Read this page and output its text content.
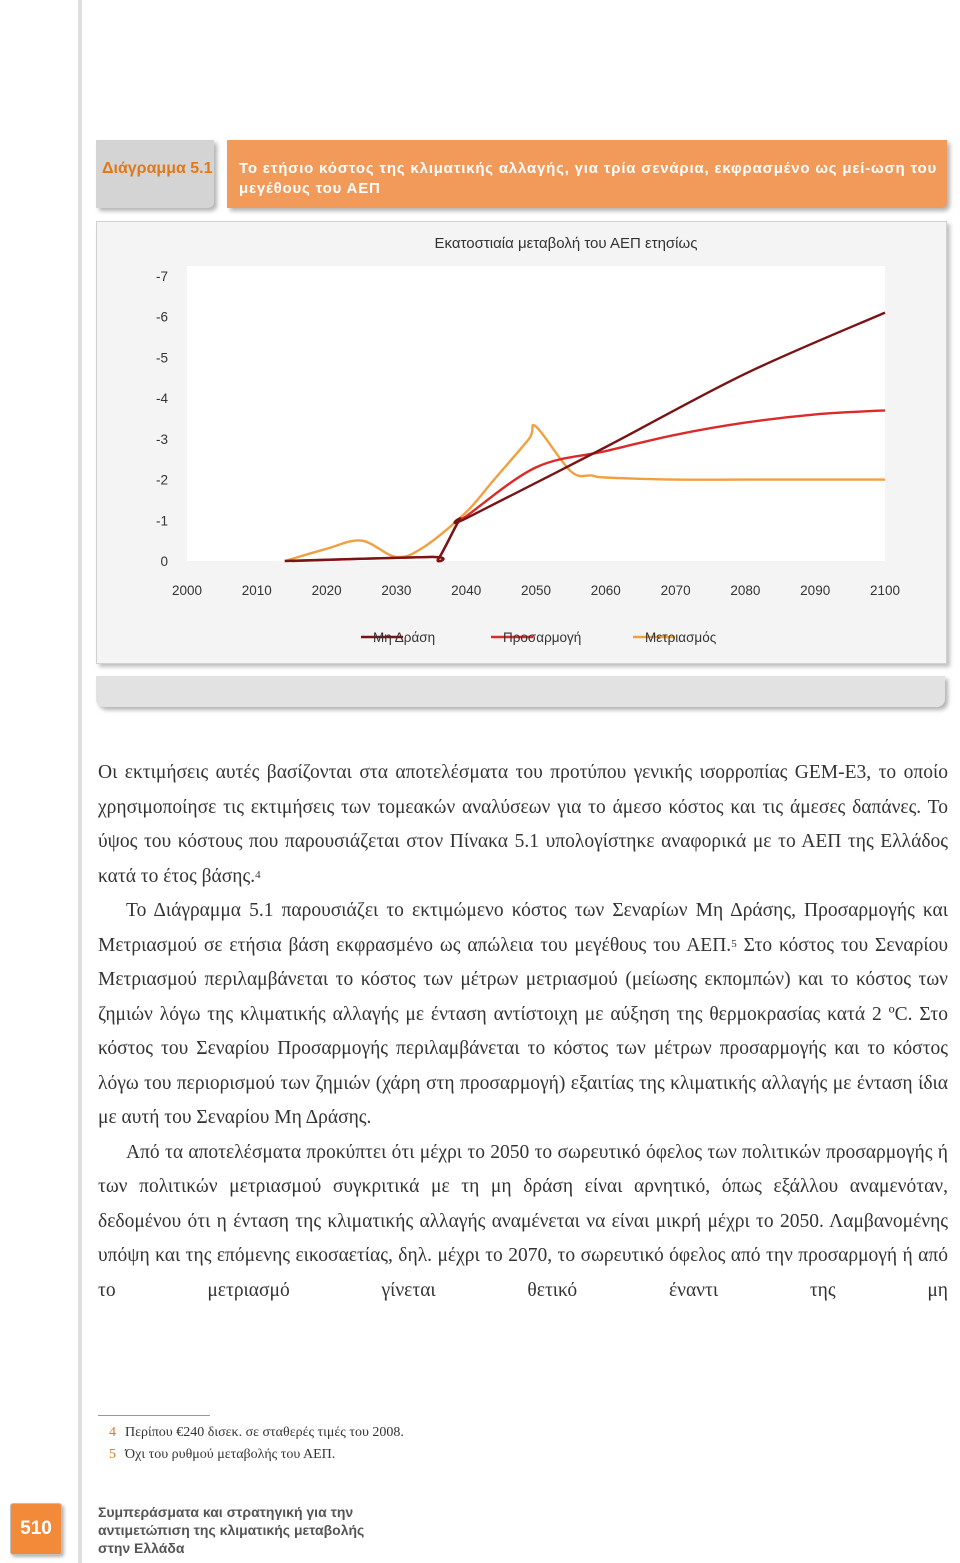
Διάγραμμα 5.1 Το ετήσιο κόστος της κλιματικής αλλαγής, για τρία σενάρια, εκφρασμένο ως μεί-ωση του μεγέθους του ΑΕΠ
Εκατοστιαία μεταβολή του ΑΕΠ ετησίως
-7
-6
-5
-4
-3
-2
-1
0
2000	2010	2020	2030	2040	2050	2060	2070	2080	2090	2100
Μη Δράση	Προσαρμογή	Μετριασμός

Οι εκτιμήσεις αυτές βασίζονται στα αποτελέσματα του προτύπου γενικής ισορροπίας GEM-E3, το οποίο χρησιμοποίησε τις εκτιμήσεις των τομεακών αναλύσεων για το άμεσο κόστος και τις άμεσες δαπάνες. Το ύψος του κόστους που παρουσιάζεται στον Πίνακα 5.1 υπολογίστηκε αναφορικά με το ΑΕΠ της Ελλάδος κατά το έτος βάσης.$^4$

Το Διάγραμμα 5.1 παρουσιάζει το εκτιμώμενο κόστος των Σεναρίων Μη Δράσης, Προσαρμογής και Μετριασμού σε ετήσια βάση εκφρασμένο ως απώλεια του μεγέθους του ΑΕΠ.$^5$ Στο κόστος του Σεναρίου Μετριασμού περιλαμβάνεται το κόστος των μέτρων μετριασμού (μείωσης εκπομπών) και το κόστος των ζημιών λόγω της κλιματικής αλλαγής με ένταση αντίστοιχη με αύξηση της θερμοκρασίας κατά 2 ºC. Στο κόστος του Σεναρίου Προσαρμογής περιλαμβάνεται το κόστος των μέτρων προσαρμογής και το κόστος λόγω του περιορισμού των ζημιών (χάρη στη προσαρμογή) εξαιτίας της κλιματικής αλλαγής με ένταση ίδια με αυτή του Σεναρίου Μη Δράσης.

Από τα αποτελέσματα προκύπτει ότι μέχρι το 2050 το σωρευτικό όφελος των πολιτικών προσαρμογής ή των πολιτικών μετριασμού συγκριτικά με τη μη δράση είναι αρνητικό, όπως εξάλλου αναμενόταν, δεδομένου ότι η ένταση της κλιματικής αλλαγής αναμένεται να είναι μικρή μέχρι το 2050. Λαμβανομένης υπόψη και της επόμενης εικοσαετίας, δηλ. μέχρι το 2070, το σωρευτικό όφελος από την προσαρμογή ή από το μετριασμό γίνεται θετικό έναντι της μη

4 Περίπου €240 δισεκ. σε σταθερές τιμές του 2008.
5 Όχι του ρυθμού μεταβολής του ΑΕΠ.
510
Συμπεράσματα και στρατηγική για την
αντιμετώπιση της κλιματικής μεταβολής
στην Ελλάδα
